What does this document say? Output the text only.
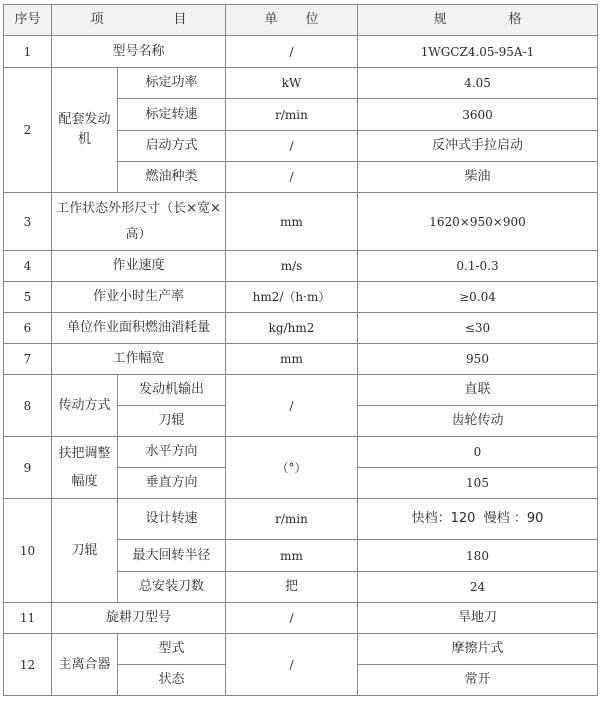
序号	项 目		单 位	规 格
1	型号名称		/	1WGCZ4.05-95A-1
2	配套发动机	标定功率	kW	4.05
		标定转速	r/min	3600
		启动方式	/	反冲式手拉启动
		燃油种类	/	柴油
3	工作状态外形尺寸（长×宽×高）		mm	1620×950×900
4	作业速度		m/s	0.1-0.3
5	作业小时生产率		hm2/（h·m）	≥0.04
6	单位作业面积燃油消耗量		kg/hm2	≤30
7	工作幅宽		mm	950
8	传动方式	发动机输出	/	直联
		刀辊		齿轮传动
9	扶把调整幅度	水平方向	（°）	0
		垂直方向		105
10	刀辊	设计转速	r/min	快档：120  慢档 ：90
		最大回转半径	mm	180
		总安装刀数	把	24
11	旋耕刀型号		/	旱地刀
12	主离合器	型式	/	摩擦片式
		状态		常开
